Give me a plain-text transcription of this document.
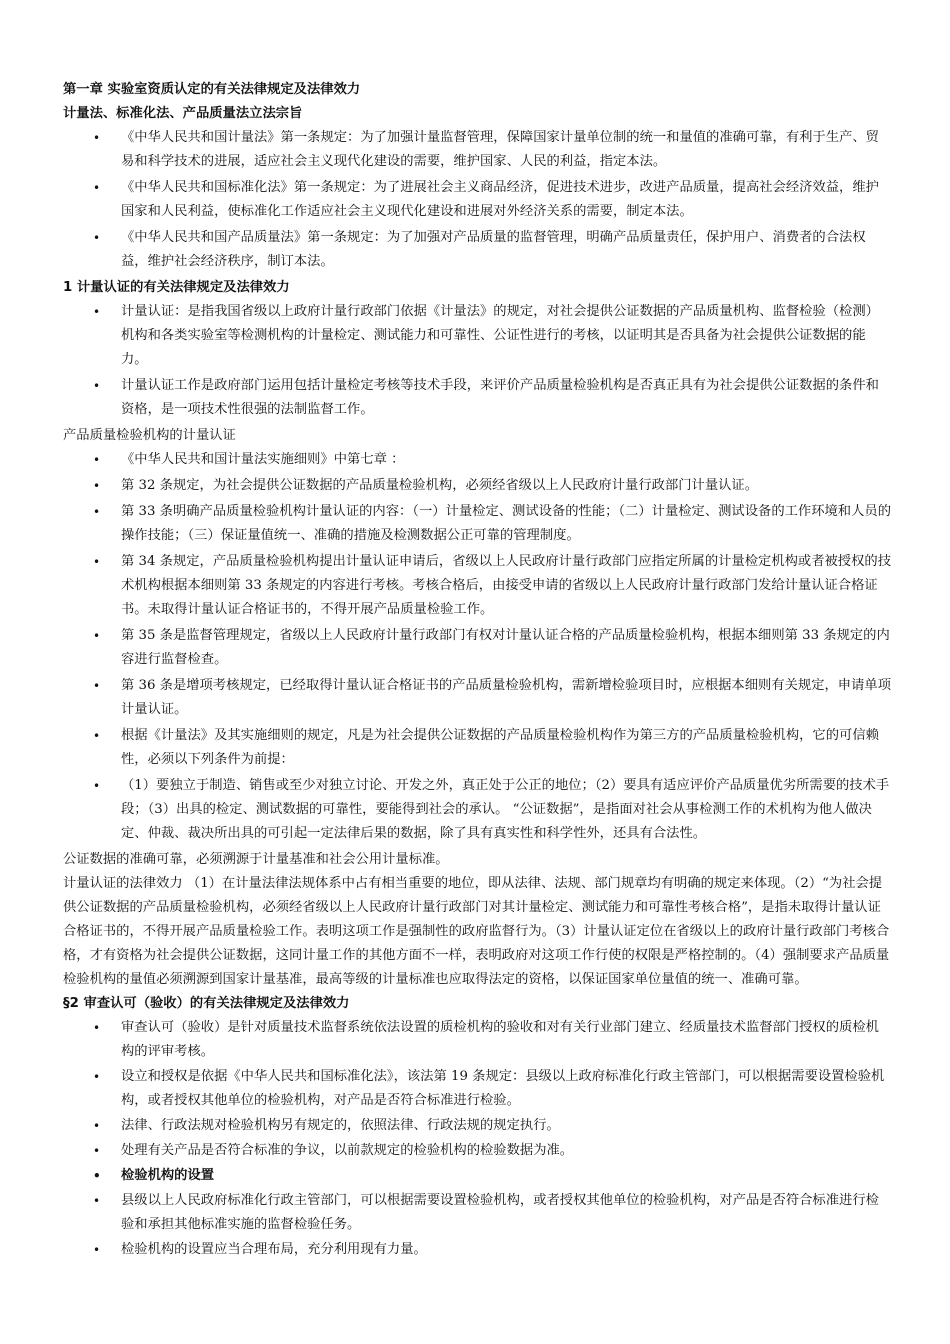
第一章 实验室资质认定的有关法律规定及法律效力

计量法、标准化法、产品质量法立法宗旨

• 《中华人民共和国计量法》第一条规定：为了加强计量监督管理，保障国家计量单位制的统一和量值的准确可靠，有利于生产、贸易和科学技术的进展，适应社会主义现代化建设的需要，维护国家、人民的利益，指定本法。
• 《中华人民共和国标准化法》第一条规定：为了进展社会主义商品经济，促进技术进步，改进产品质量，提高社会经济效益，维护国家和人民利益，使标准化工作适应社会主义现代化建设和进展对外经济关系的需要，制定本法。
• 《中华人民共和国产品质量法》第一条规定：为了加强对产品质量的监督管理，明确产品质量责任，保护用户、消费者的合法权益，维护社会经济秩序，制订本法。

1 计量认证的有关法律规定及法律效力

• 计量认证：是指我国省级以上政府计量行政部门依据《计量法》的规定，对社会提供公证数据的产品质量机构、监督检验（检测）机构和各类实验室等检测机构的计量检定、测试能力和可靠性、公证性进行的考核，以证明其是否具备为社会提供公证数据的能力。
• 计量认证工作是政府部门运用包括计量检定考核等技术手段，来评价产品质量检验机构是否真正具有为社会提供公证数据的条件和资格，是一项技术性很强的法制监督工作。

产品质量检验机构的计量认证

• 《中华人民共和国计量法实施细则》中第七章 ：
• 第 32 条规定，为社会提供公证数据的产品质量检验机构，必须经省级以上人民政府计量行政部门计量认证。
• 第 33 条明确产品质量检验机构计量认证的内容：（一）计量检定、测试设备的性能；（二）计量检定、测试设备的工作环境和人员的操作技能；（三）保证量值统一、准确的措施及检测数据公正可靠的管理制度。
• 第 34 条规定，产品质量检验机构提出计量认证申请后，省级以上人民政府计量行政部门应指定所属的计量检定机构或者被授权的技术机构根据本细则第 33 条规定的内容进行考核。考核合格后，由接受申请的省级以上人民政府计量行政部门发给计量认证合格证书。未取得计量认证合格证书的，不得开展产品质量检验工作。
• 第 35 条是监督管理规定，省级以上人民政府计量行政部门有权对计量认证合格的产品质量检验机构，根据本细则第 33 条规定的内容进行监督检查。
• 第 36 条是增项考核规定，已经取得计量认证合格证书的产品质量检验机构，需新增检验项目时，应根据本细则有关规定，申请单项计量认证。
• 根据《计量法》及其实施细则的规定，凡是为社会提供公证数据的产品质量检验机构作为第三方的产品质量检验机构，它的可信赖性，必须以下列条件为前提：
• （1）要独立于制造、销售或至少对独立讨论、开发之外，真正处于公正的地位；（2）要具有适应评价产品质量优劣所需要的技术手段；（3）出具的检定、测试数据的可靠性，要能得到社会的承认。 “公证数据”，是指面对社会从事检测工作的术机构为他人做决定、仲裁、裁决所出具的可引起一定法律后果的数据，除了具有真实性和科学性外，还具有合法性。

公证数据的准确可靠，必须溯源于计量基准和社会公用计量标准。

计量认证的法律效力 （1）在计量法律法规体系中占有相当重要的地位，即从法律、法规、部门规章均有明确的规定来体现。（2）“为社会提供公证数据的产品质量检验机构，必须经省级以上人民政府计量行政部门对其计量检定、测试能力和可靠性考核合格”，是指未取得计量认证合格证书的，不得开展产品质量检验工作。表明这项工作是强制性的政府监督行为。（3）计量认证定位在省级以上的政府计量行政部门考核合格，才有资格为社会提供公证数据，这同计量工作的其他方面不一样，表明政府对这项工作行使的权限是严格控制的。（4）强制要求产品质量检验机构的量值必须溯源到国家计量基准，最高等级的计量标准也应取得法定的资格，以保证国家单位量值的统一、准确可靠。

§2 审查认可（验收）的有关法律规定及法律效力

• 审查认可（验收）是针对质量技术监督系统依法设置的质检机构的验收和对有关行业部门建立、经质量技术监督部门授权的质检机构的评审考核。
• 设立和授权是依据《中华人民共和国标准化法》，该法第 19 条规定：县级以上政府标准化行政主管部门，可以根据需要设置检验机构，或者授权其他单位的检验机构，对产品是否符合标准进行检验。
• 法律、行政法规对检验机构另有规定的，依照法律、行政法规的规定执行。
• 处理有关产品是否符合标准的争议，以前款规定的检验机构的检验数据为准。
• 检验机构的设置
• 县级以上人民政府标准化行政主管部门，可以根据需要设置检验机构，或者授权其他单位的检验机构，对产品是否符合标准进行检验和承担其他标准实施的监督检验任务。
• 检验机构的设置应当合理布局，充分利用现有力量。
